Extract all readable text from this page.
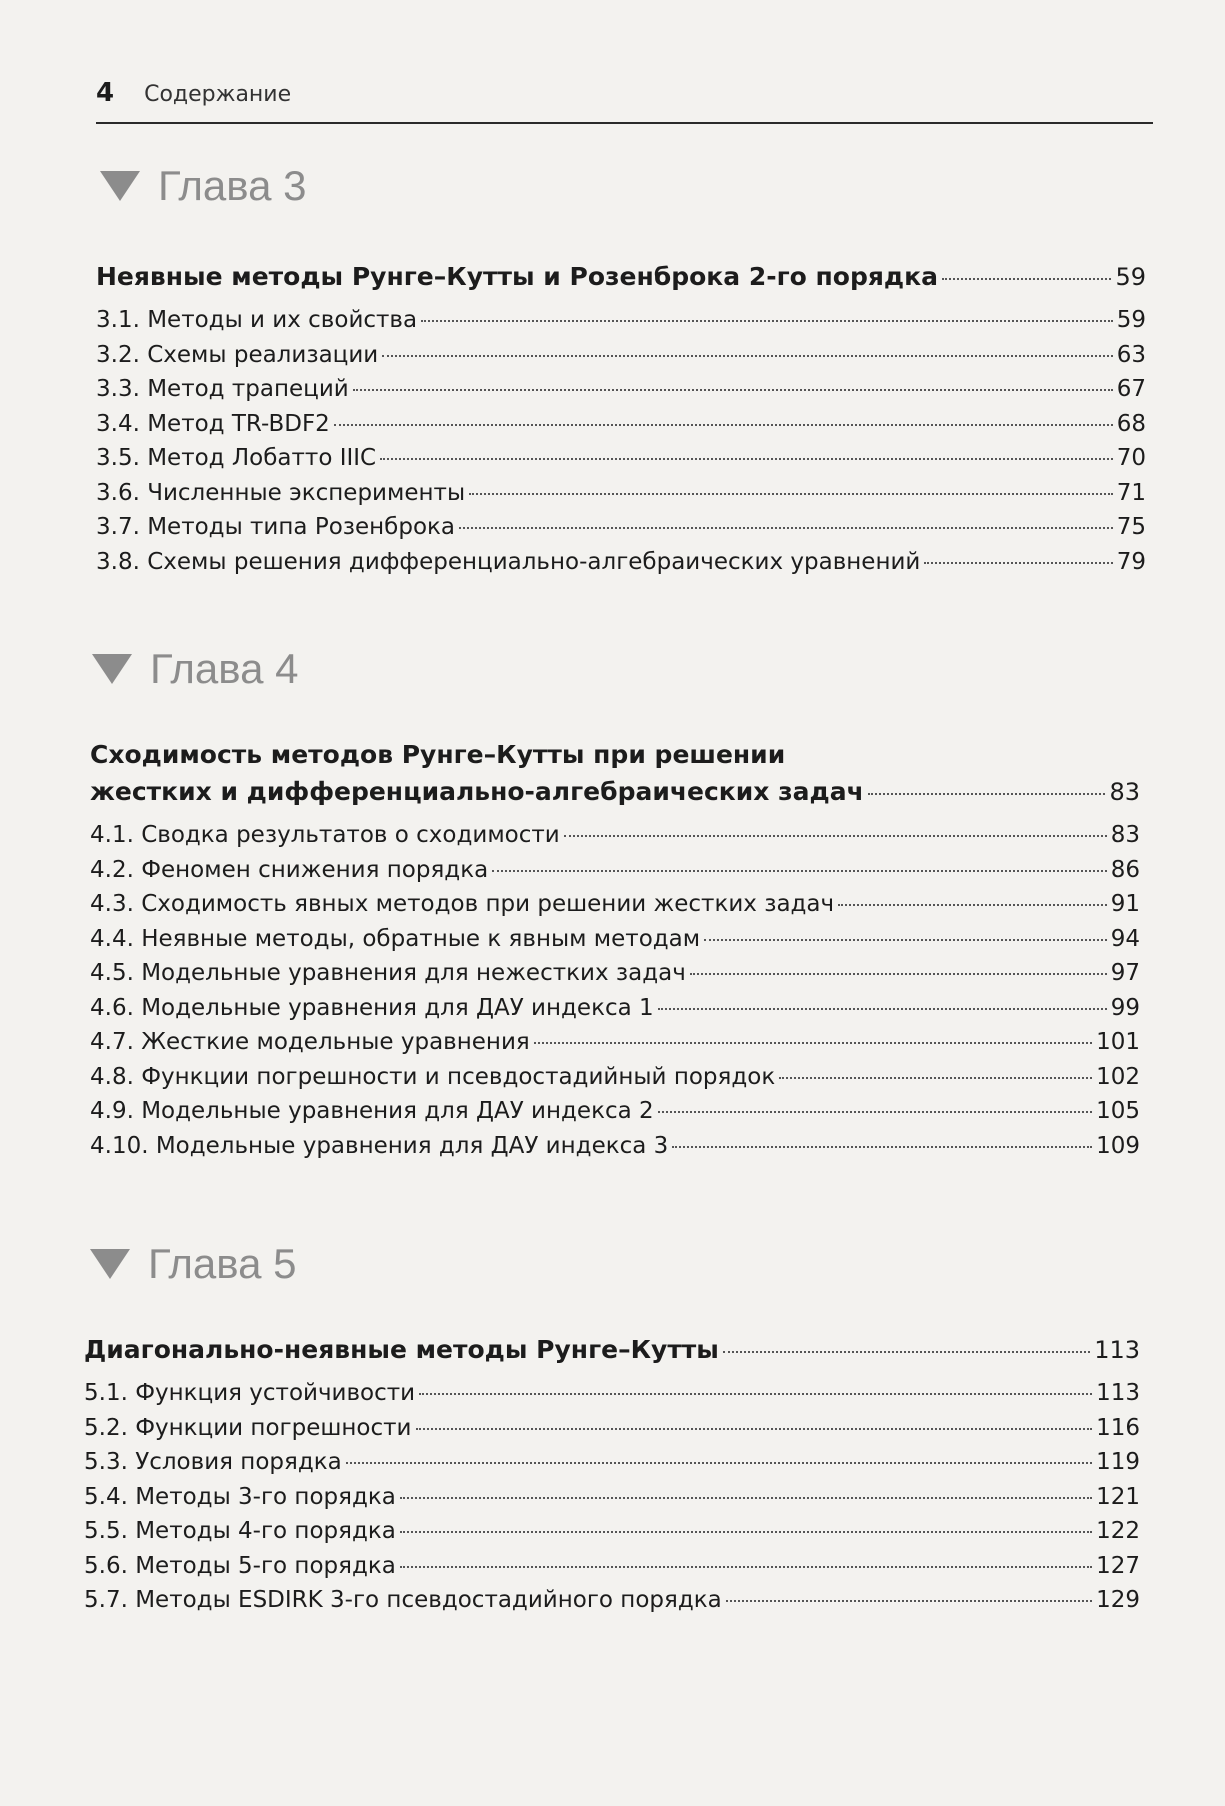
4 Содержание
Глава 3
Неявные методы Рунге–Кутты и Розенброка 2-го порядка	59
3.1. Методы и их свойства	59
3.2. Схемы реализации	63
3.3. Метод трапеций	67
3.4. Метод TR-BDF2	68
3.5. Метод Лобатто IIIC	70
3.6. Численные эксперименты	71
3.7. Методы типа Розенброка	75
3.8. Схемы решения дифференциально-алгебраических уравнений	79
Глава 4
Сходимость методов Рунге–Кутты при решении
жестких и дифференциально-алгебраических задач	83
4.1. Сводка результатов о сходимости	83
4.2. Феномен снижения порядка	86
4.3. Сходимость явных методов при решении жестких задач	91
4.4. Неявные методы, обратные к явным методам	94
4.5. Модельные уравнения для нежестких задач	97
4.6. Модельные уравнения для ДАУ индекса 1	99
4.7. Жесткие модельные уравнения	101
4.8. Функции погрешности и псевдостадийный порядок	102
4.9. Модельные уравнения для ДАУ индекса 2	105
4.10. Модельные уравнения для ДАУ индекса 3	109
Глава 5
Диагонально-неявные методы Рунге–Кутты	113
5.1. Функция устойчивости	113
5.2. Функции погрешности	116
5.3. Условия порядка	119
5.4. Методы 3-го порядка	121
5.5. Методы 4-го порядка	122
5.6. Методы 5-го порядка	127
5.7. Методы ESDIRK 3-го псевдостадийного порядка	129
